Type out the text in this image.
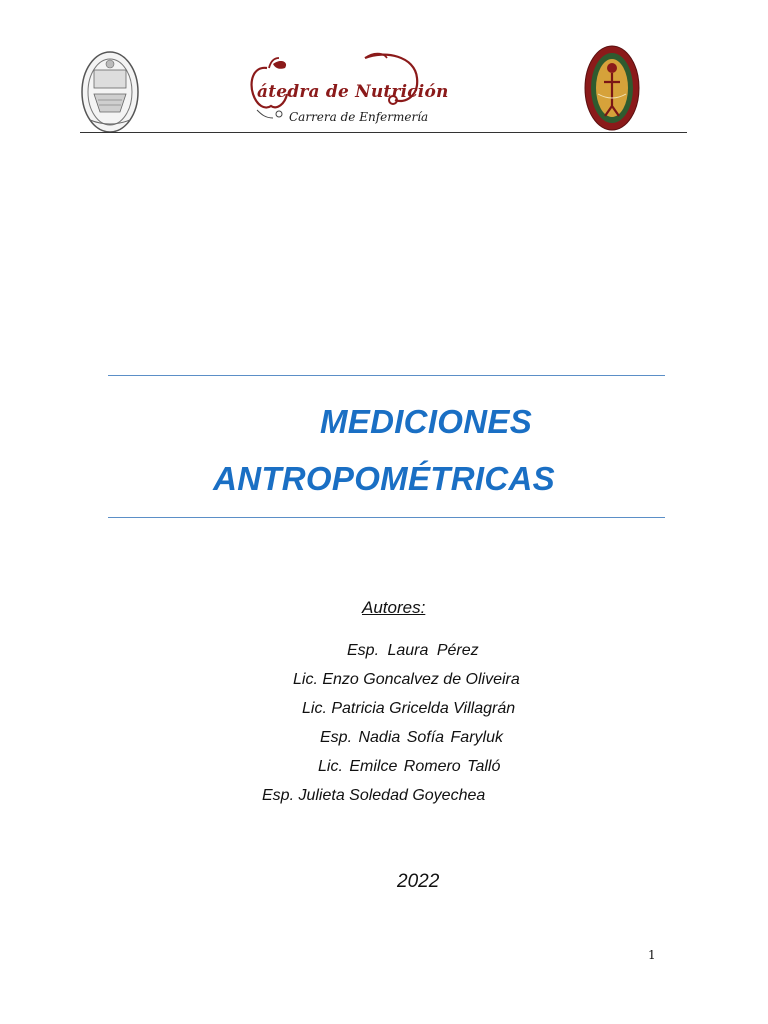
átedra de Nutrición
Carrera de Enfermería
MEDICIONES
ANTROPOMÉTRICAS
Autores:
Esp. Laura Pérez
Lic. Enzo Goncalvez de Oliveira
Lic. Patricia Gricelda Villagrán
Esp. Nadia Sofía Faryluk
Lic. Emilce Romero Talló
Esp. Julieta Soledad Goyechea
2022
1
